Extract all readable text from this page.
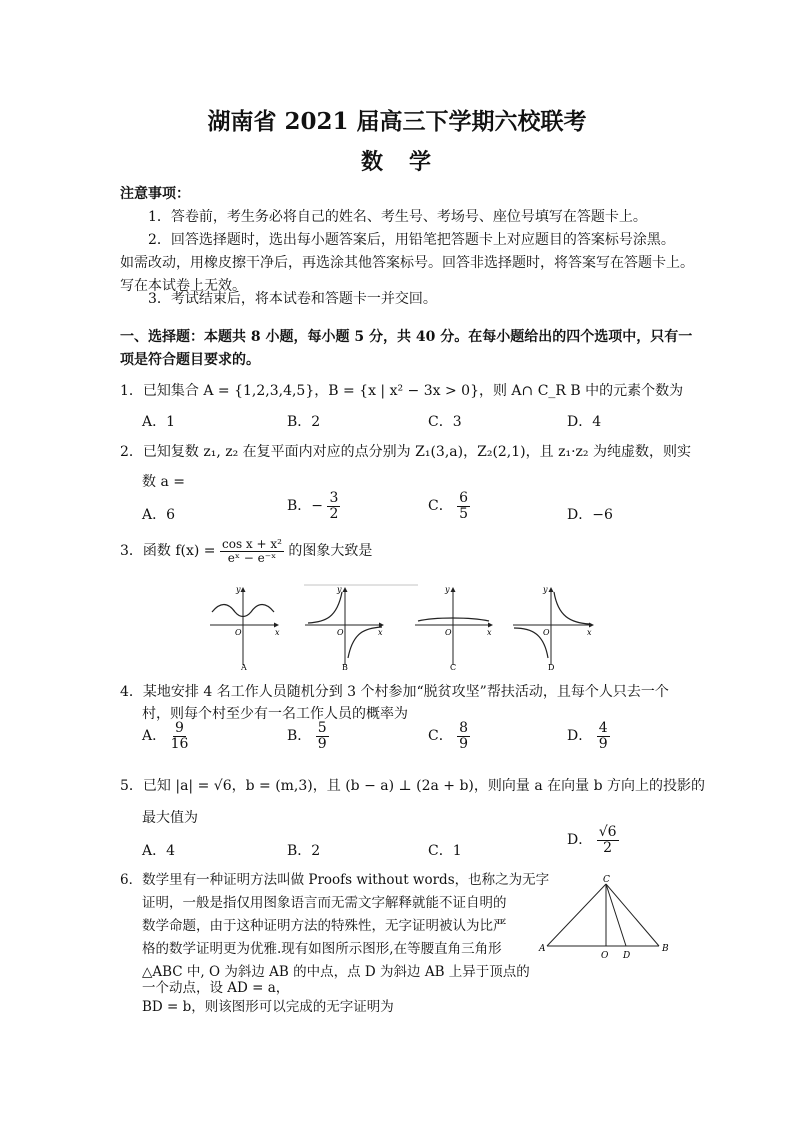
湖南省 2021 届高三下学期六校联考
数　学
注意事项：
1．答卷前，考生务必将自己的姓名、考生号、考场号、座位号填写在答题卡上。
2．回答选择题时，选出每小题答案后，用铅笔把答题卡上对应题目的答案标号涂黑。
如需改动，用橡皮擦干净后，再选涂其他答案标号。回答非选择题时，将答案写在答题卡上。
写在本试卷上无效。
3．考试结束后，将本试卷和答题卡一并交回。
一、选择题：本题共 8 小题，每小题 5 分，共 40 分。在每小题给出的四个选项中，只有一
项是符合题目要求的。
1．已知集合 A = {1,2,3,4,5}，B = {x | x² − 3x > 0}，则 A∩ C_R B 中的元素个数为
A．1	B．2	C．3	D．4
2．已知复数 z₁, z₂ 在复平面内对应的点分别为 Z₁(3,a)，Z₂(2,1)，且 z₁·z₂ 为纯虚数，则实
数 a =
A．6
B．− $\frac{3}{2}$	C． $\frac{6}{5}$	D．−6
3．函数 $f(x) = \frac{\text{cos x + x²}}{\text{eˣ − e⁻ˣ}}$ 的图象大致是
y
x
O
A
y
x
O
B
y
x
O
C
y
x
O
D
4．某地安排 4 名工作人员随机分到 3 个村参加“脱贫攻坚”帮扶活动，且每个人只去一个
村，则每个村至少有一名工作人员的概率为
A． $\frac{9}{16}$	B． $\frac{5}{9}$	C． $\frac{8}{9}$	D． $\frac{4}{9}$
5．已知 |a| = √6，b = (m,3)，且 (b − a) ⊥ (2a + b)，则向量 a 在向量 b 方向上的投影的
最大值为
A．4	B．2	C．1
D． $\frac{√6}{2}$
6．数学里有一种证明方法叫做 Proofs without words，也称之为无字
证明，一般是指仅用图象语言而无需文字解释就能不证自明的
数学命题，由于这种证明方法的特殊性，无字证明被认为比严
格的数学证明更为优雅.现有如图所示图形,在等腰直角三角形
△ABC 中, O 为斜边 AB 的中点，点 D 为斜边 AB 上异于顶点的
一个动点，设 AD = a，
BD = b，则该图形可以完成的无字证明为
A	B
C
O D
